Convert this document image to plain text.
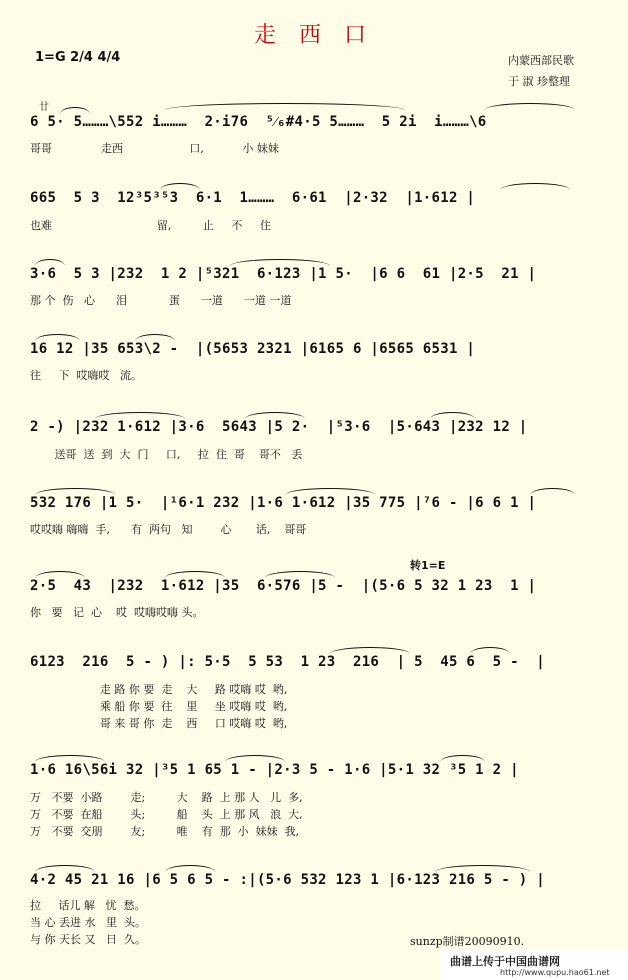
走 西 口
1=G 2/4 4/4	内蒙西部民歌
于 淑 珍整理
廿
6 5· 5………\552 i………  2·i76  ⁵⁄₆#4·5 5………  5 2i  i………\6
哥哥              走西                   口,           小 妹妹
665  5 3  12³5³⁵3  6·1  1………  6·61  |2·32  |1·612 |
也难                              留,         止     不     住
3·6  5 3 |232  1 2 |⁵321  6·123 |1 5·  |6 6  61 |2·5  21 |
那 个  伤   心      泪            蛋      一道      一道 一道
16 12 |35 653\2 -  |(5653 2321 |6165 6 |6565 6531 |
往     下  哎嗨哎   流。
2 -) |232 1·612 |3·6  5643 |5 2·  |⁵3·6  |5·643 |232 12 |
送哥  送  到  大  门     口,     拉  住  哥    哥不   丢
532 176 |1 5·  |¹6·1 232 |1·6 1·612 |35 775 |⁷6 - |6 6 1 |
哎哎嗨 嗨嗨  手,      有  两句   知        心       话,    哥哥
转1=E
2·5  43  |232  1·612 |35  6·576 |5 -  |(5·6 5 32 1 23  1 |
你   要   记  心    哎  哎嗨哎嗨 头。
6123  216  5 - ) |: 5·5  5 53  1 23  216  | 5  45 6  5 -  |
走 路 你 要  走    大     路 哎嗨 哎  哟,
乘 船 你 要  往    里     坐 哎嗨 哎  哟,
哥 来 哥 你  走    西     口 哎嗨 哎  哟,
1·6 16\56i 32 |³5 1 65 1 - |2·3 5 - 1·6 |5·1 32 ³5 1 2 |
万   不要  小路        走;         大    路  上 那 人   儿  多,
万   不要  在船        头;         船    头  上 那 风   浪  大,
万   不要  交朋        友;         唯    有  那  小  妹妹  我,
4·2 45 21 16 |6 5 6 5 - :|(5·6 532 123 1 |6·123 216 5 - ) |
拉     话儿 解   忧  愁。
当 心 丢进 水   里  头。
与 你 天长 又   日  久。	sunzp制谱20090910.
曲谱上传于中国曲谱网
http://www.qupu.hao61.net
